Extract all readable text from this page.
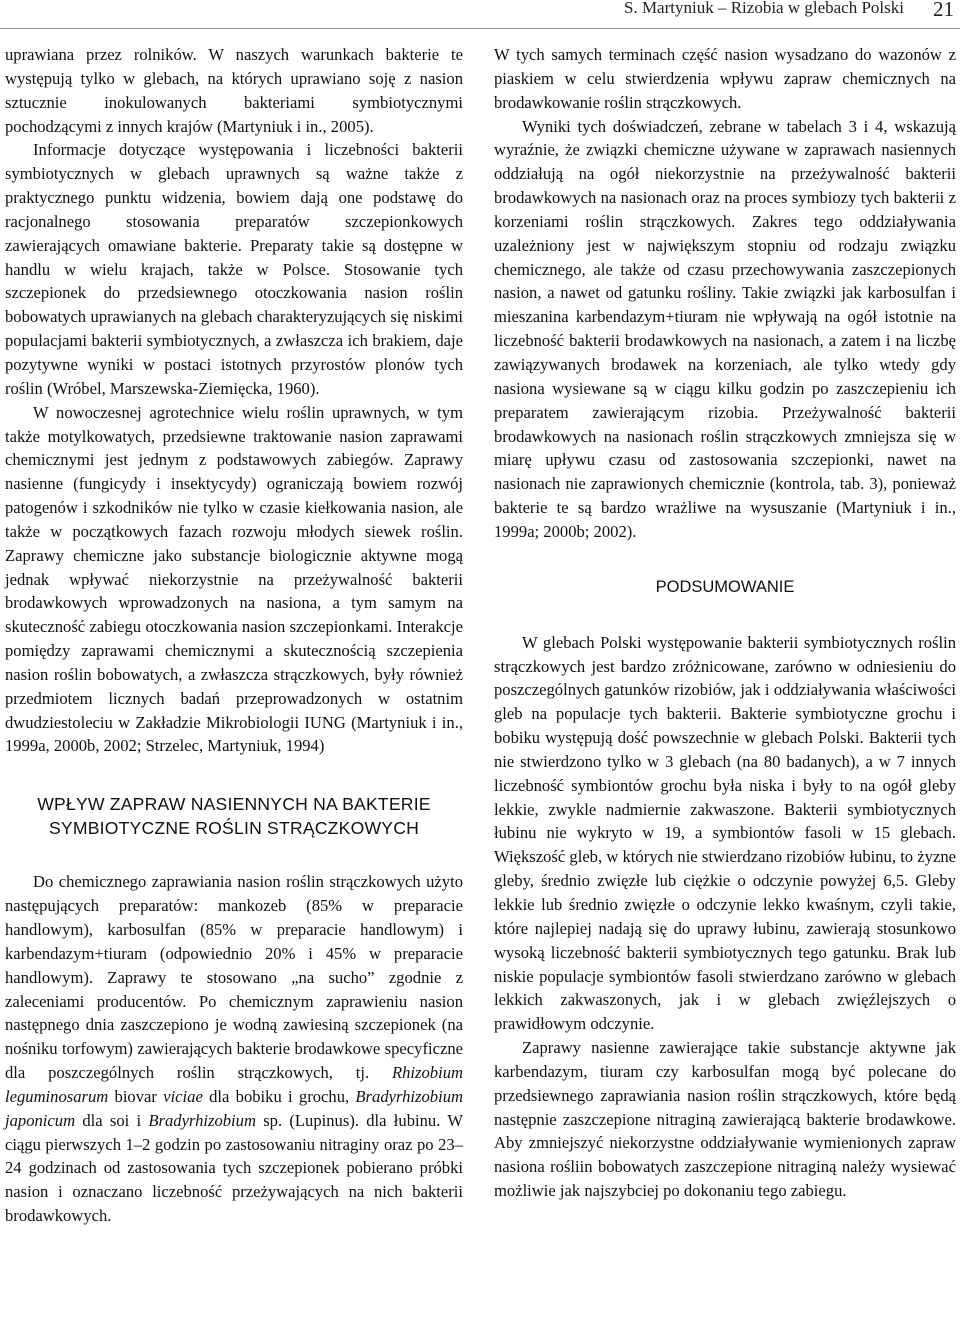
S. Martyniuk – Rizobia w glebach Polski 21

uprawiana przez rolników. W naszych warunkach bakterie te występują tylko w glebach, na których uprawiano soję z nasion sztucznie inokulowanych bakteriami symbiotycznymi pochodzącymi z innych krajów (Martyniuk i in., 2005).

Informacje dotyczące występowania i liczebności bakterii symbiotycznych w glebach uprawnych są ważne także z praktycznego punktu widzenia, bowiem dają one podstawę do racjonalnego stosowania preparatów szczepionkowych zawierających omawiane bakterie. Preparaty takie są dostępne w handlu w wielu krajach, także w Polsce. Stosowanie tych szczepionek do przedsiewnego otoczkowania nasion roślin bobowatych uprawianych na glebach charakteryzujących się niskimi populacjami bakterii symbiotycznych, a zwłaszcza ich brakiem, daje pozytywne wyniki w postaci istotnych przyrostów plonów tych roślin (Wróbel, Marszewska-Ziemięcka, 1960).

W nowoczesnej agrotechnice wielu roślin uprawnych, w tym także motylkowatych, przedsiewne traktowanie nasion zaprawami chemicznymi jest jednym z podstawowych zabiegów. Zaprawy nasienne (fungicydy i insektycydy) ograniczają bowiem rozwój patogenów i szkodników nie tylko w czasie kiełkowania nasion, ale także w początkowych fazach rozwoju młodych siewek roślin. Zaprawy chemiczne jako substancje biologicznie aktywne mogą jednak wpływać niekorzystnie na przeżywalność bakterii brodawkowych wprowadzonych na nasiona, a tym samym na skuteczność zabiegu otoczkowania nasion szczepionkami. Interakcje pomiędzy zaprawami chemicznymi a skutecznością szczepienia nasion roślin bobowatych, a zwłaszcza strączkowych, były również przedmiotem licznych badań przeprowadzonych w ostatnim dwudziestoleciu w Zakładzie Mikrobiologii IUNG (Martyniuk i in., 1999a, 2000b, 2002; Strzelec, Martyniuk, 1994)

WPŁYW ZAPRAW NASIENNYCH NA BAKTERIE
SYMBIOTYCZNE ROŚLIN STRĄCZKOWYCH

Do chemicznego zaprawiania nasion roślin strączkowych użyto następujących preparatów: mankozeb (85% w preparacie handlowym), karbosulfan (85% w preparacie handlowym) i karbendazym+tiuram (odpowiednio 20% i 45% w preparacie handlowym). Zaprawy te stosowano „na sucho” zgodnie z zaleceniami producentów. Po chemicznym zaprawieniu nasion następnego dnia zaszczepiono je wodną zawiesiną szczepionek (na nośniku torfowym) zawierających bakterie brodawkowe specyficzne dla poszczególnych roślin strączkowych, tj. Rhizobium leguminosarum biovar viciae dla bobiku i grochu, Bradyrhizobium japonicum dla soi i Bradyrhizobium sp. (Lupinus). dla łubinu. W ciągu pierwszych 1–2 godzin po zastosowaniu nitraginy oraz po 23–24 godzinach od zastosowania tych szczepionek pobierano próbki nasion i oznaczano liczebność przeżywających na nich bakterii brodawkowych.

W tych samych terminach część nasion wysadzano do wazonów z piaskiem w celu stwierdzenia wpływu zapraw chemicznych na brodawkowanie roślin strączkowych.

Wyniki tych doświadczeń, zebrane w tabelach 3 i 4, wskazują wyraźnie, że związki chemiczne używane w zaprawach nasiennych oddziałują na ogół niekorzystnie na przeżywalność bakterii brodawkowych na nasionach oraz na proces symbiozy tych bakterii z korzeniami roślin strączkowych. Zakres tego oddziaływania uzależniony jest w największym stopniu od rodzaju związku chemicznego, ale także od czasu przechowywania zaszczepionych nasion, a nawet od gatunku rośliny. Takie związki jak karbosulfan i mieszanina karbendazym+tiuram nie wpływają na ogół istotnie na liczebność bakterii brodawkowych na nasionach, a zatem i na liczbę zawiązywanych brodawek na korzeniach, ale tylko wtedy gdy nasiona wysiewane są w ciągu kilku godzin po zaszczepieniu ich preparatem zawierającym rizobia. Przeżywalność bakterii brodawkowych na nasionach roślin strączkowych zmniejsza się w miarę upływu czasu od zastosowania szczepionki, nawet na nasionach nie zaprawionych chemicznie (kontrola, tab. 3), ponieważ bakterie te są bardzo wrażliwe na wysuszanie (Martyniuk i in., 1999a; 2000b; 2002).

PODSUMOWANIE

W glebach Polski występowanie bakterii symbiotycznych roślin strączkowych jest bardzo zróżnicowane, zarówno w odniesieniu do poszczególnych gatunków rizobiów, jak i oddziaływania właściwości gleb na populacje tych bakterii. Bakterie symbiotyczne grochu i bobiku występują dość powszechnie w glebach Polski. Bakterii tych nie stwierdzono tylko w 3 glebach (na 80 badanych), a w 7 innych liczebność symbiontów grochu była niska i były to na ogół gleby lekkie, zwykle nadmiernie zakwaszone. Bakterii symbiotycznych łubinu nie wykryto w 19, a symbiontów fasoli w 15 glebach. Większość gleb, w których nie stwierdzano rizobiów łubinu, to żyzne gleby, średnio zwięzłe lub ciężkie o odczynie powyżej 6,5. Gleby lekkie lub średnio zwięzłe o odczynie lekko kwaśnym, czyli takie, które najlepiej nadają się do uprawy łubinu, zawierają stosunkowo wysoką liczebność bakterii symbiotycznych tego gatunku. Brak lub niskie populacje symbiontów fasoli stwierdzano zarówno w glebach lekkich zakwaszonych, jak i w glebach zwięźlejszych o prawidłowym odczynie.

Zaprawy nasienne zawierające takie substancje aktywne jak karbendazym, tiuram czy karbosulfan mogą być polecane do przedsiewnego zaprawiania nasion roślin strączkowych, które będą następnie zaszczepione nitraginą zawierającą bakterie brodawkowe. Aby zmniejszyć niekorzystne oddziaływanie wymienionych zapraw nasiona rośliin bobowatych zaszczepione nitraginą należy wysiewać możliwie jak najszybciej po dokonaniu tego zabiegu.
